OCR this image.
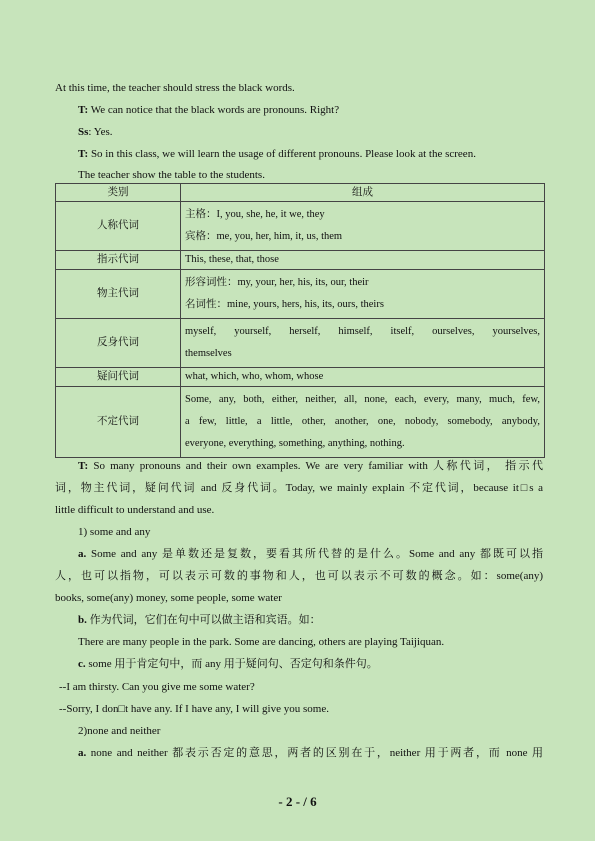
At this time, the teacher should stress the black words.
T: We can notice that the black words are pronouns. Right?
Ss: Yes.
T: So in this class, we will learn the usage of different pronouns. Please look at the screen.
The teacher show the table to the students.
类别	组成
人称代词	主格：I, you, she, he, it we, they
宾格：me, you, her, him, it, us, them

指示代词	This, these, that, those
物主代词	形容词性：my, your, her, his, its, our, their
名词性：mine, yours, hers, his, its, ours, theirs

反身代词	myself, yourself, herself, himself, itself, ourselves, yourselves,
themselves

疑问代词	what, which, who, whom, whose
不定代词	Some, any, both, either, neither, all, none, each, every, many, much, few,
a few, little, a little, other, another, one, nobody, somebody, anybody,
everyone, everything, something, anything, nothing.
T: So many pronouns and their own examples. We are very familiar with 人称代词， 指示代
词，物主代词，疑问代词 and 反身代词。Today, we mainly explain 不定代词，because it□s a
little difficult to understand and use.
1) some and any
a. Some and any 是单数还是复数，要看其所代替的是什么。Some and any 都既可以指
人，也可以指物，可以表示可数的事物和人，也可以表示不可数的概念。如：some(any)
books, some(any) money, some people, some water
b. 作为代词，它们在句中可以做主语和宾语。如：
There are many people in the park. Some are dancing, others are playing Taijiquan.
c. some 用于肯定句中，而 any 用于疑问句、否定句和条件句。
--I am thirsty. Can you give me some water?
--Sorry, I don□t have any. If I have any, I will give you some.
2)none and neither
a. none and neither 都表示否定的意思，两者的区别在于，neither 用于两者，而 none 用
- 2 - / 6
